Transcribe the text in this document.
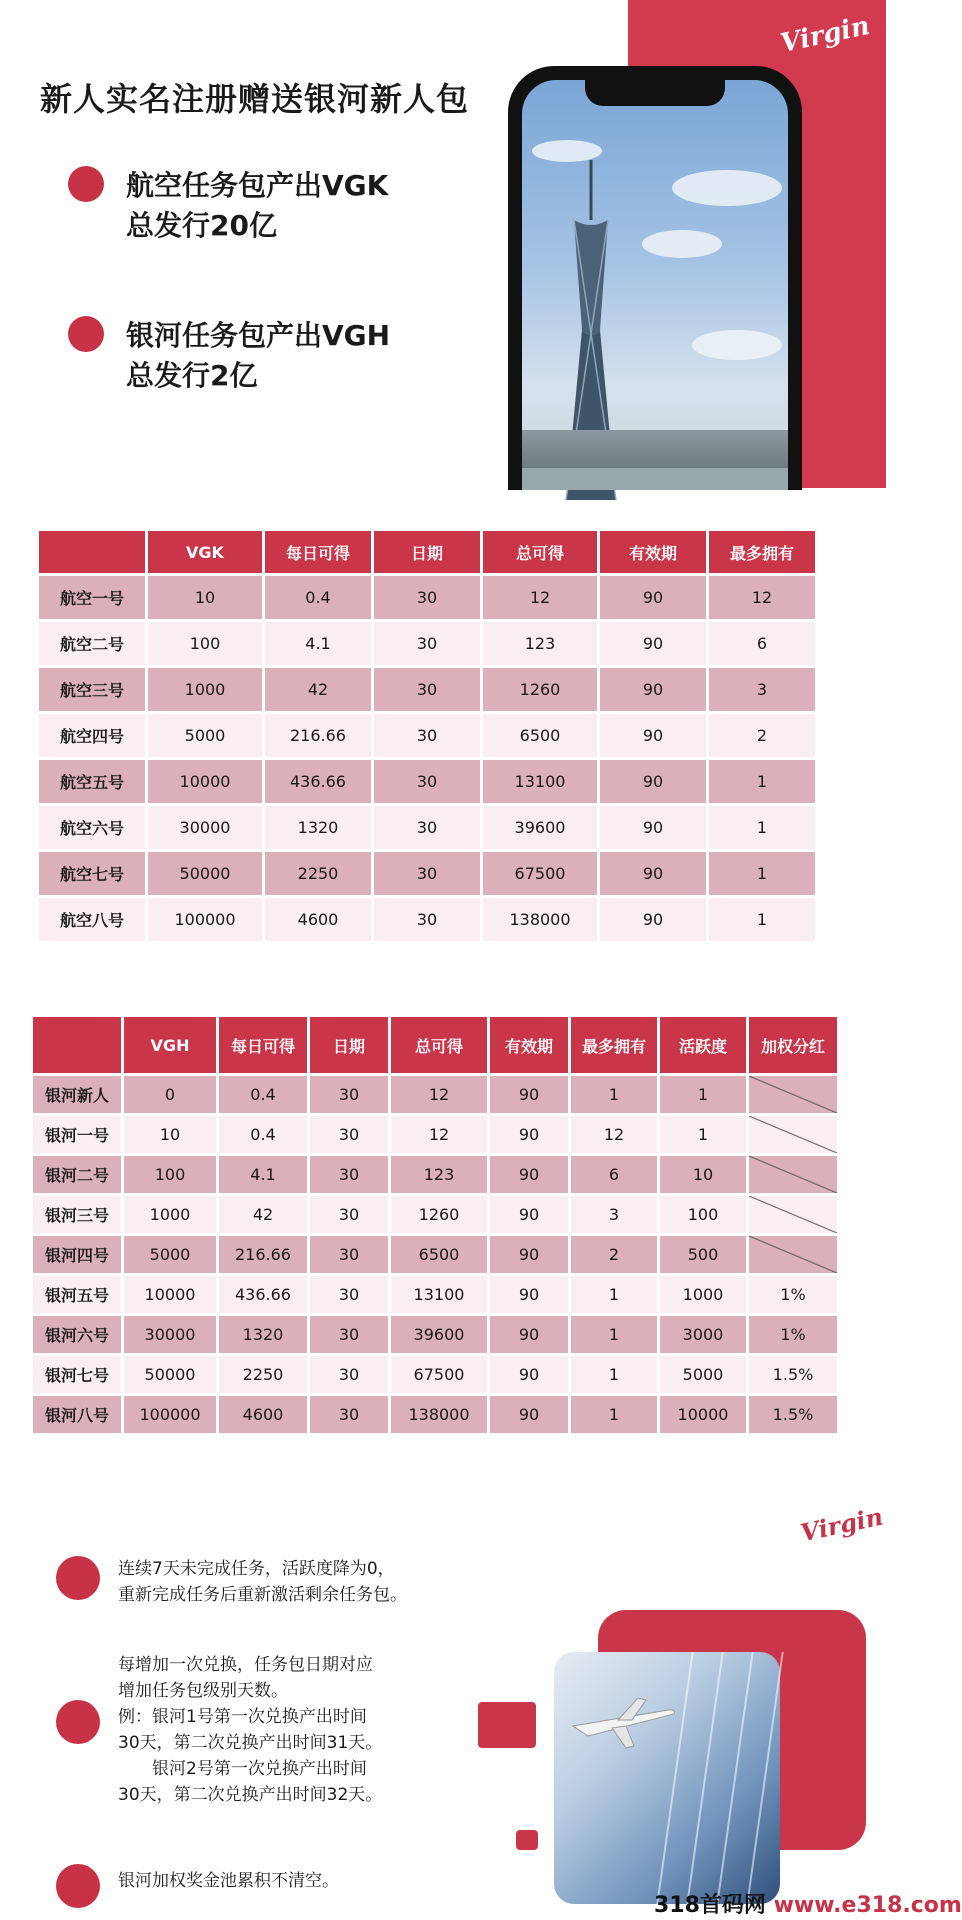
Virgin
新人实名注册赠送银河新人包
航空任务包产出VGK
总发行20亿
银河任务包产出VGH
总发行2亿
	VGK	每日可得	日期	总可得	有效期	最多拥有
航空一号	10	0.4	30	12	90	12
航空二号	100	4.1	30	123	90	6
航空三号	1000	42	30	1260	90	3
航空四号	5000	216.66	30	6500	90	2
航空五号	10000	436.66	30	13100	90	1
航空六号	30000	1320	30	39600	90	1
航空七号	50000	2250	30	67500	90	1
航空八号	100000	4600	30	138000	90	1
	VGH	每日可得	日期	总可得	有效期	最多拥有	活跃度	加权分红
银河新人	0	0.4	30	12	90	1	1	
银河一号	10	0.4	30	12	90	12	1	
银河二号	100	4.1	30	123	90	6	10	
银河三号	1000	42	30	1260	90	3	100	
银河四号	5000	216.66	30	6500	90	2	500	
银河五号	10000	436.66	30	13100	90	1	1000	1%
银河六号	30000	1320	30	39600	90	1	3000	1%
银河七号	50000	2250	30	67500	90	1	5000	1.5%
银河八号	100000	4600	30	138000	90	1	10000	1.5%
Virgin
连续7天未完成任务，活跃度降为0，
重新完成任务后重新激活剩余任务包。
每增加一次兑换，任务包日期对应
增加任务包级别天数。
例：银河1号第一次兑换产出时间
30天，第二次兑换产出时间31天。
　　银河2号第一次兑换产出时间
30天，第二次兑换产出时间32天。
银河加权奖金池累积不清空。
318首码网 www.e318.com
